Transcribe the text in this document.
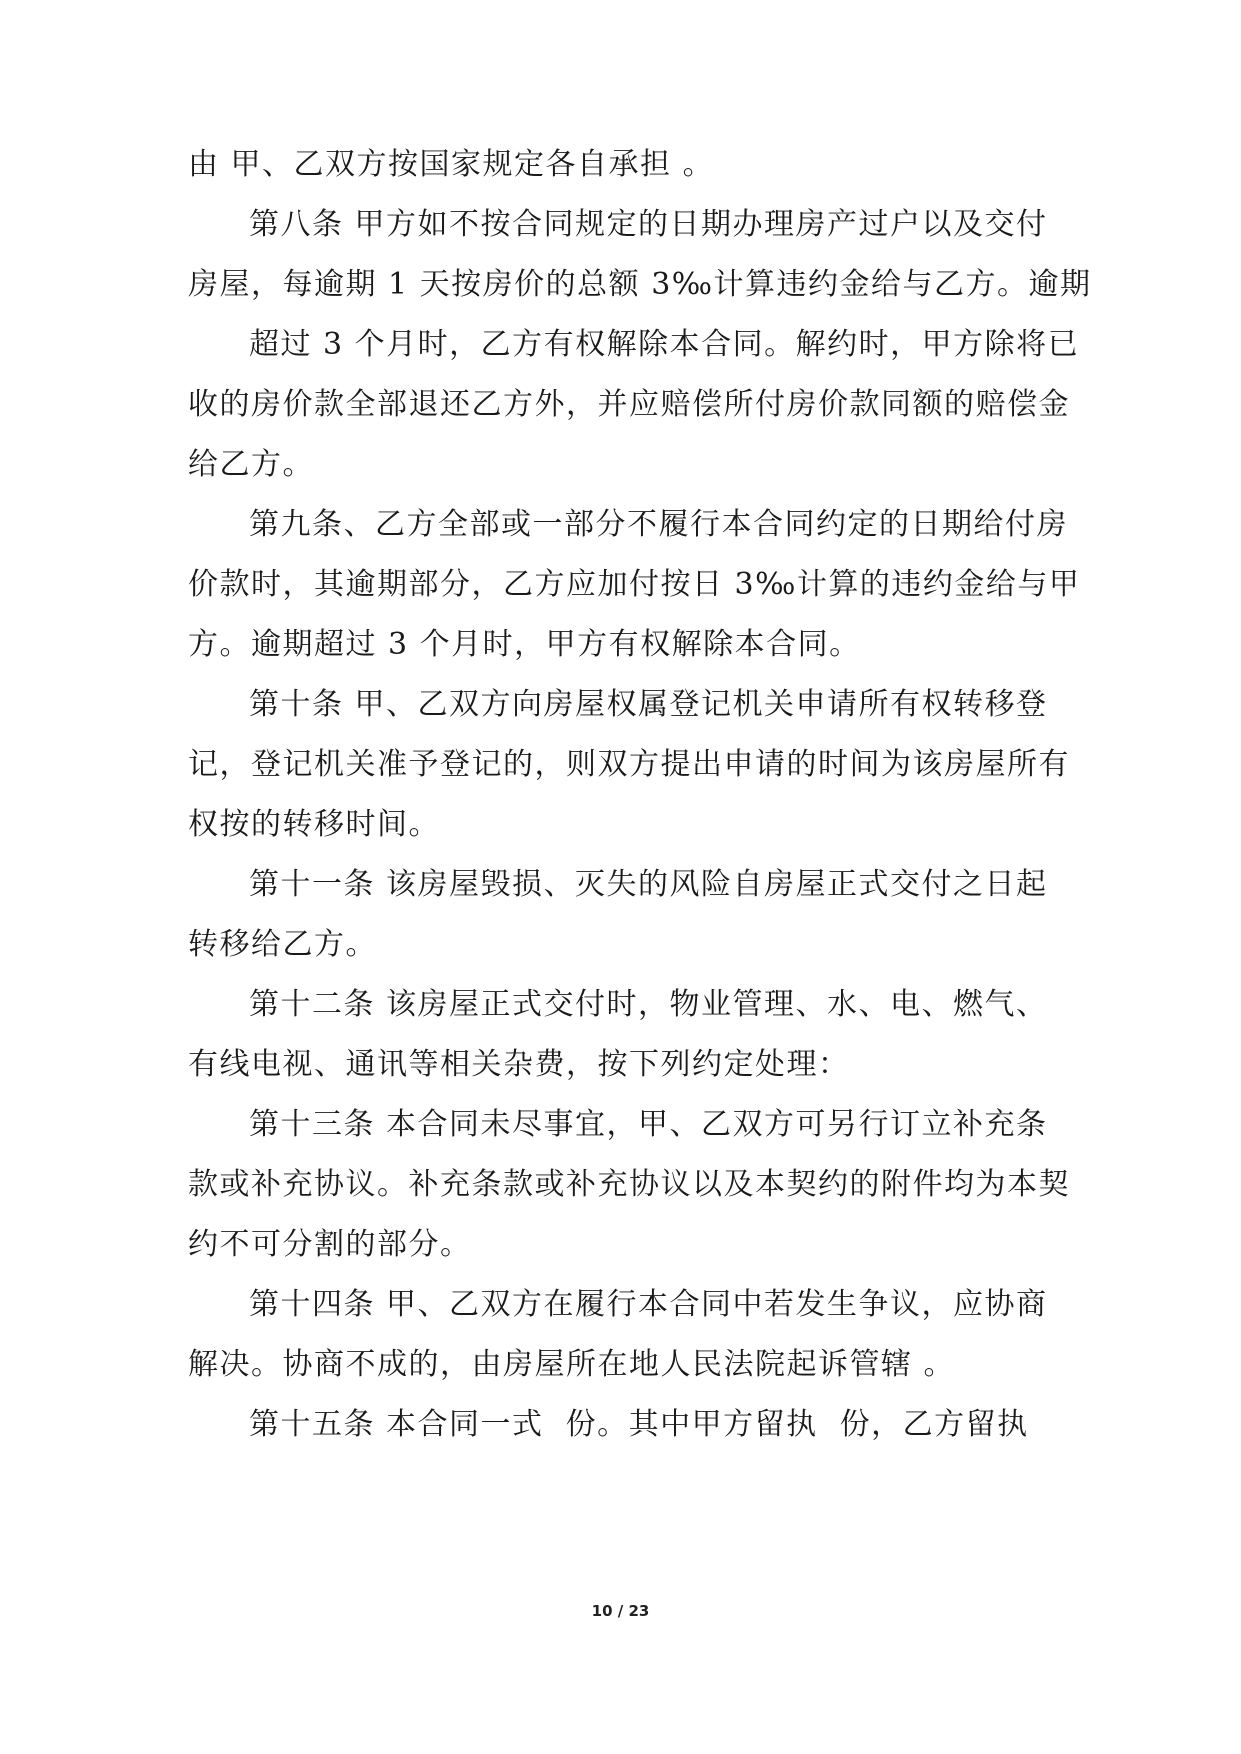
由 甲、乙双方按国家规定各自承担 。
第八条 甲方如不按合同规定的日期办理房产过户以及交付
房屋，每逾期 1 天按房价的总额 3‰计算违约金给与乙方。逾期
超过 3 个月时，乙方有权解除本合同。解约时，甲方除将已
收的房价款全部退还乙方外，并应赔偿所付房价款同额的赔偿金
给乙方。
第九条、乙方全部或一部分不履行本合同约定的日期给付房
价款时，其逾期部分，乙方应加付按日 3‰计算的违约金给与甲
方。逾期超过 3 个月时，甲方有权解除本合同。
第十条 甲、乙双方向房屋权属登记机关申请所有权转移登
记，登记机关准予登记的，则双方提出申请的时间为该房屋所有
权按的转移时间。
第十一条 该房屋毁损、灭失的风险自房屋正式交付之日起
转移给乙方。
第十二条 该房屋正式交付时，物业管理、水、电、燃气、
有线电视、通讯等相关杂费，按下列约定处理：
第十三条 本合同未尽事宜，甲、乙双方可另行订立补充条
款或补充协议。补充条款或补充协议以及本契约的附件均为本契
约不可分割的部分。
第十四条 甲、乙双方在履行本合同中若发生争议，应协商
解决。协商不成的，由房屋所在地人民法院起诉管辖 。
第十五条 本合同一式  份。其中甲方留执  份，乙方留执
10 / 23
